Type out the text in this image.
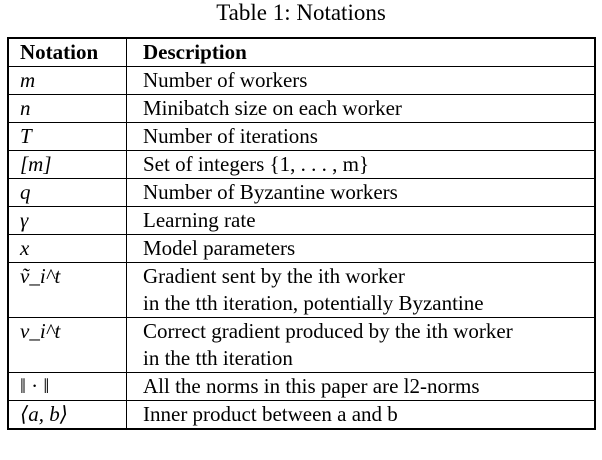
Table 1: Notations
Notation	Description
m	Number of workers
n	Minibatch size on each worker
T	Number of iterations
[m]	Set of integers {1, . . . , m}
q	Number of Byzantine workers
γ	Learning rate
x	Model parameters
ṽ_i^t	Gradient sent by the ith worker
in the tth iteration, potentially Byzantine

v_i^t	Correct gradient produced by the ith worker
in the tth iteration

‖ · ‖	All the norms in this paper are l2-norms
⟨a, b⟩	Inner product between a and b
